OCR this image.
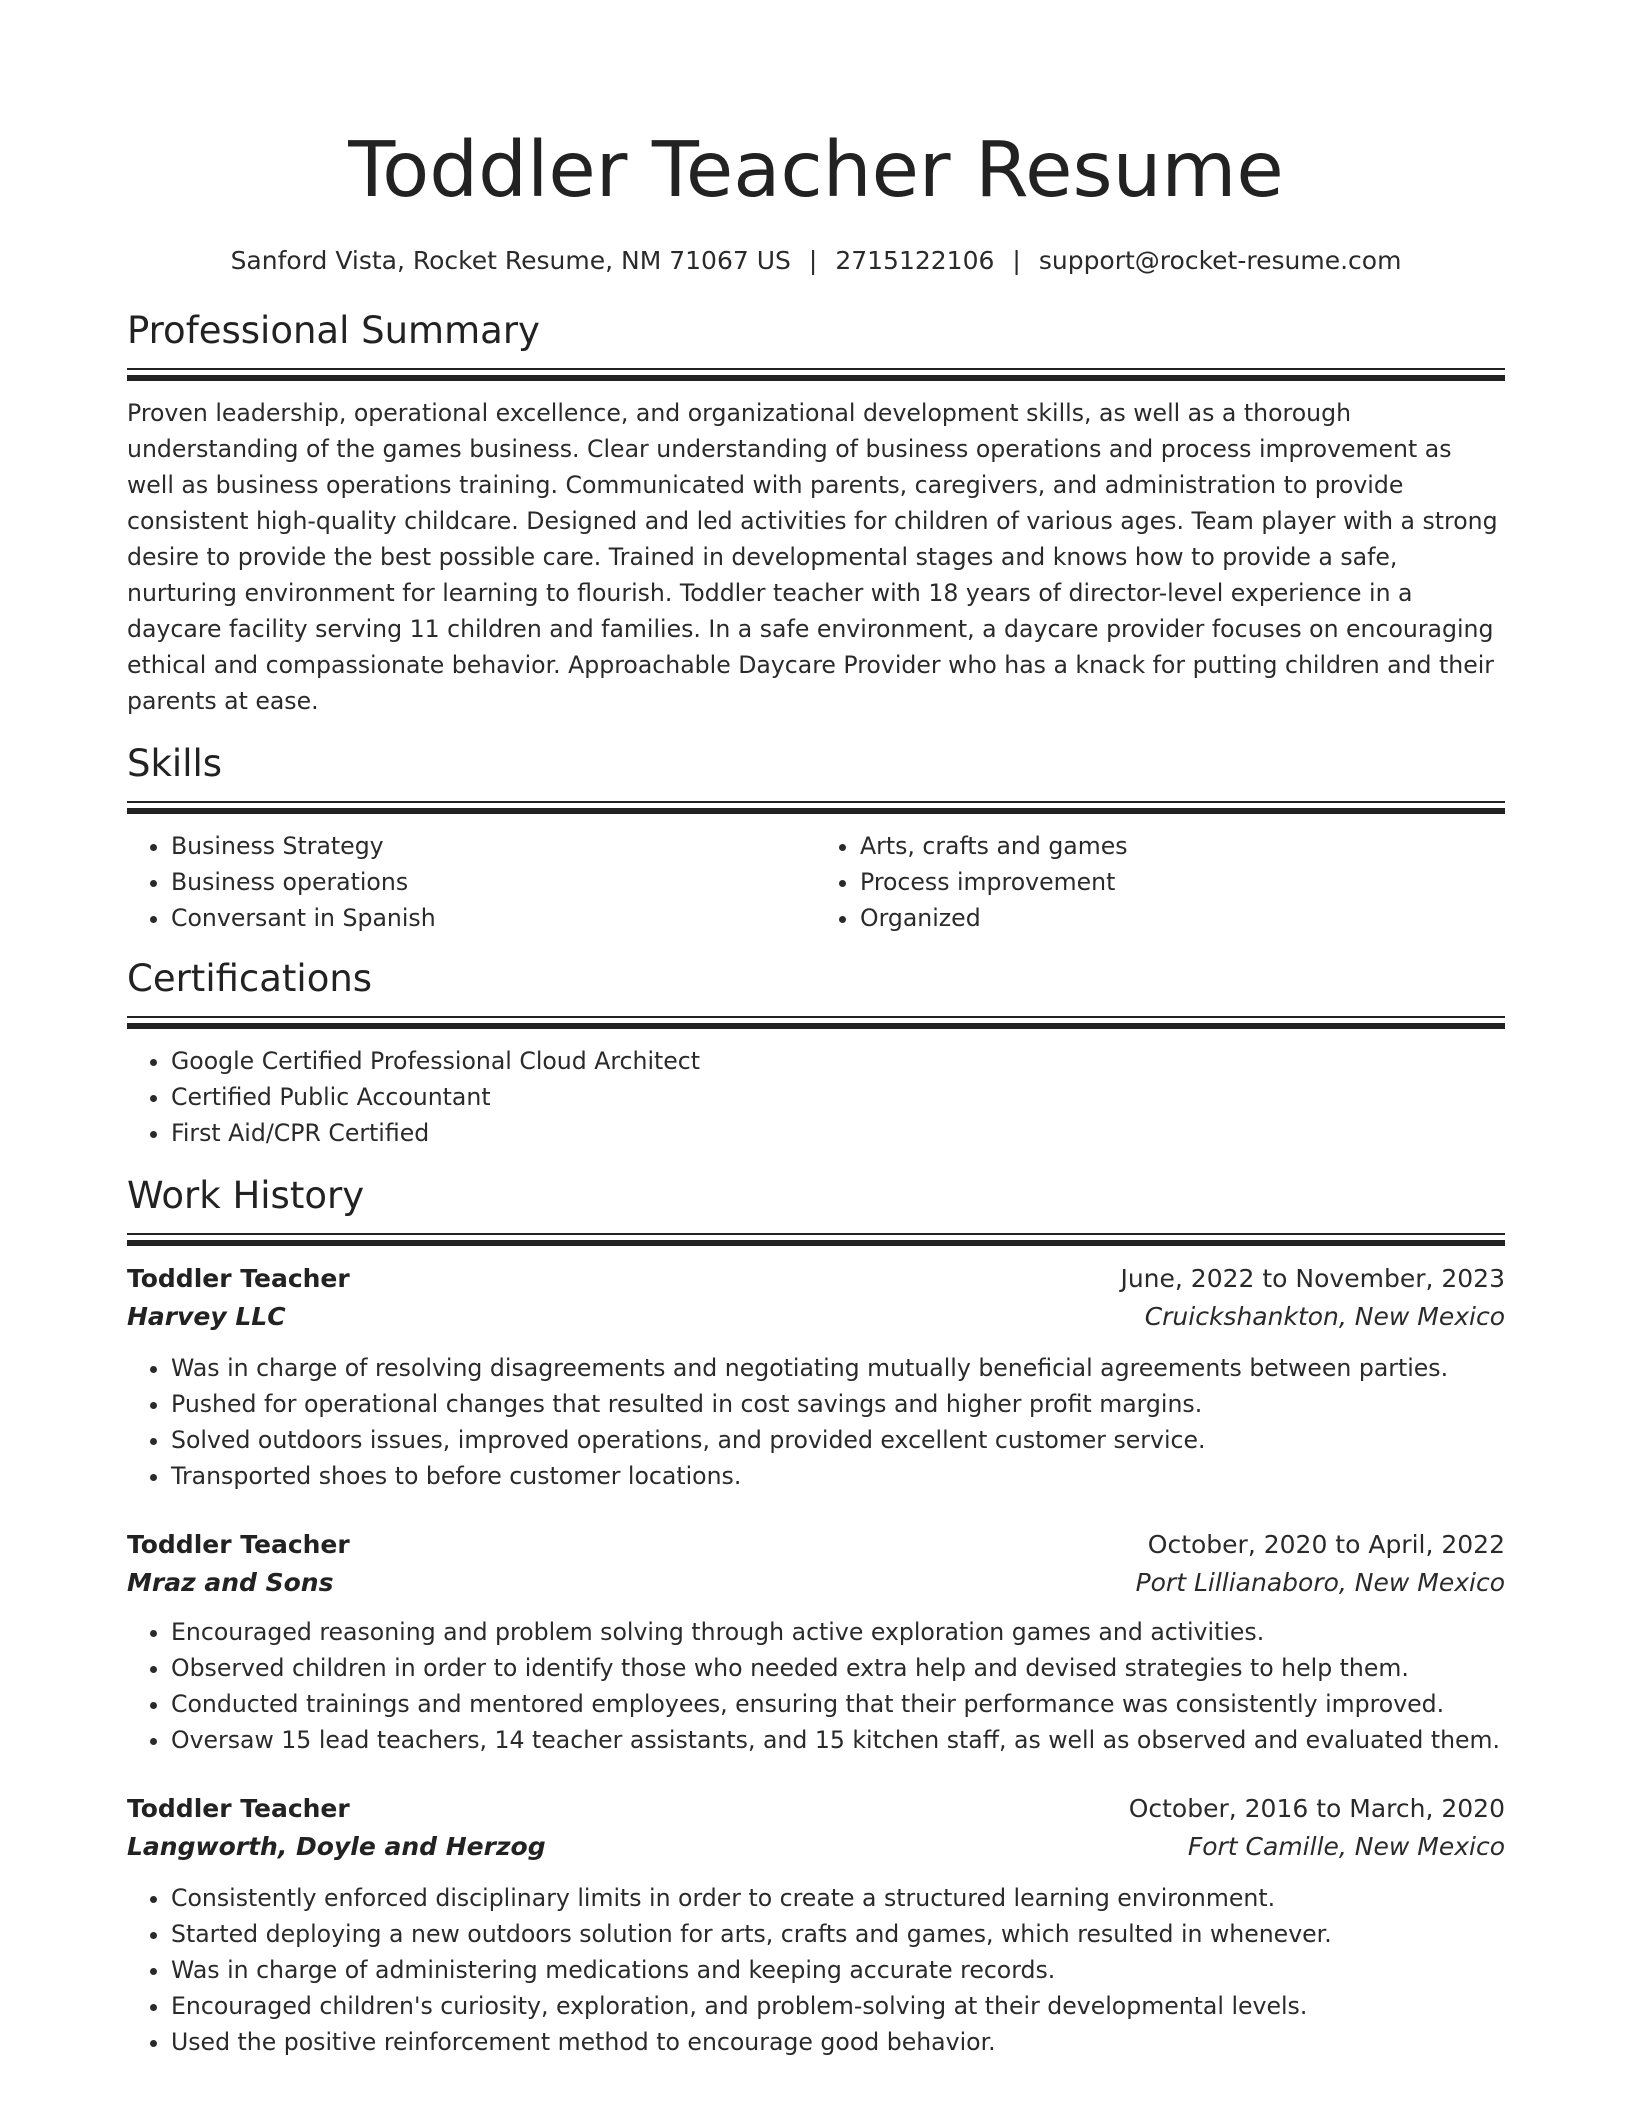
Toddler Teacher Resume
Sanford Vista, Rocket Resume, NM 71067 US | 2715122106 | support@rocket-resume.com
Professional Summary

Proven leadership, operational excellence, and organizational development skills, as well as a thorough understanding of the games business. Clear understanding of business operations and process improvement as well as business operations training. Communicated with parents, caregivers, and administration to provide consistent high-quality childcare. Designed and led activities for children of various ages. Team player with a strong desire to provide the best possible care. Trained in developmental stages and knows how to provide a safe, nurturing environment for learning to flourish. Toddler teacher with 18 years of director-level experience in a daycare facility serving 11 children and families. In a safe environment, a daycare provider focuses on encouraging ethical and compassionate behavior. Approachable Daycare Provider who has a knack for putting children and their parents at ease.

Skills
• Business Strategy
• Business operations
• Conversant in Spanish
• Arts, crafts and games
• Process improvement
• Organized
Certifications
• Google Certified Professional Cloud Architect
• Certified Public Accountant
• First Aid/CPR Certified
Work History
Toddler Teacher	June, 2022 to November, 2023
Harvey LLC	Cruickshankton, New Mexico
• Was in charge of resolving disagreements and negotiating mutually beneficial agreements between parties.
• Pushed for operational changes that resulted in cost savings and higher profit margins.
• Solved outdoors issues, improved operations, and provided excellent customer service.
• Transported shoes to before customer locations.
Toddler Teacher	October, 2020 to April, 2022
Mraz and Sons	Port Lillianaboro, New Mexico
• Encouraged reasoning and problem solving through active exploration games and activities.
• Observed children in order to identify those who needed extra help and devised strategies to help them.
• Conducted trainings and mentored employees, ensuring that their performance was consistently improved.
• Oversaw 15 lead teachers, 14 teacher assistants, and 15 kitchen staff, as well as observed and evaluated them.
Toddler Teacher	October, 2016 to March, 2020
Langworth, Doyle and Herzog	Fort Camille, New Mexico
• Consistently enforced disciplinary limits in order to create a structured learning environment.
• Started deploying a new outdoors solution for arts, crafts and games, which resulted in whenever.
• Was in charge of administering medications and keeping accurate records.
• Encouraged children's curiosity, exploration, and problem-solving at their developmental levels.
• Used the positive reinforcement method to encourage good behavior.
